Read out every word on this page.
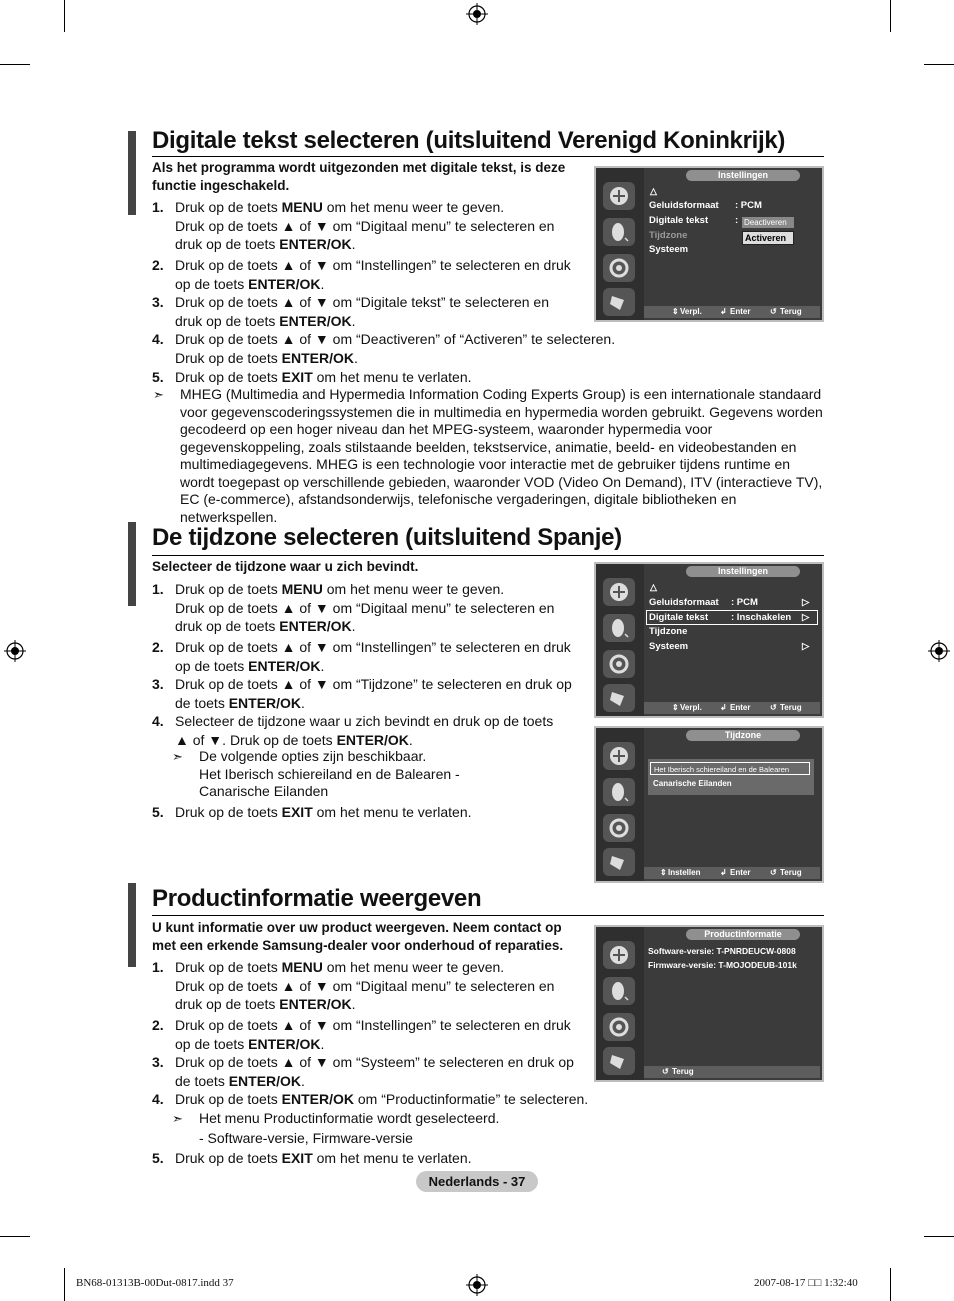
Digitale tekst selecteren (uitsluitend Verenigd Koninkrijk)
Als het programma wordt uitgezonden met digitale tekst, is deze functie ingeschakeld.
1. Druk op de toets MENU om het menu weer te geven.
Druk op de toets ▲ of ▼ om “Digitaal menu” te selecteren en
druk op de toets ENTER/OK.
2. Druk op de toets ▲ of ▼ om “Instellingen” te selecteren en druk
op de toets ENTER/OK.
3. Druk op de toets ▲ of ▼ om “Digitale tekst” te selecteren en
druk op de toets ENTER/OK.
4. Druk op de toets ▲ of ▼ om “Deactiveren” of “Activeren” te selecteren.
Druk op de toets ENTER/OK.
5. Druk op de toets EXIT om het menu te verlaten.
➣ MHEG (Multimedia and Hypermedia Information Coding Experts Group) is een internationale standaard voor gegevenscoderingssystemen die in multimedia en hypermedia worden gebruikt. Gegevens worden gecodeerd op een hoger niveau dan het MPEG-systeem, waaronder hypermedia voor gegevenskoppeling, zoals stilstaande beelden, tekstservice, animatie, beeld- en videobestanden en multimediagegevens. MHEG is een technologie voor interactie met de gebruiker tijdens runtime en wordt toegepast op verschillende gebieden, waaronder VOD (Video On Demand), ITV (interactieve TV), EC (e-commerce), afstandsonderwijs, telefonische vergaderingen, digitale bibliotheken en netwerkspellen.
Instellingen
△
Geluidsformaat : PCM
Digitale tekst	: Deactiveren
Activeren
Tijdzone
Systeem
⇕ Verpl. ↲ Enter ↺ Terug
De tijdzone selecteren (uitsluitend Spanje)
Selecteer de tijdzone waar u zich bevindt.
1. Druk op de toets MENU om het menu weer te geven.
Druk op de toets ▲ of ▼ om “Digitaal menu” te selecteren en
druk op de toets ENTER/OK.
2. Druk op de toets ▲ of ▼ om “Instellingen” te selecteren en druk
op de toets ENTER/OK.
3. Druk op de toets ▲ of ▼ om “Tijdzone” te selecteren en druk op
de toets ENTER/OK.
4. Selecteer de tijdzone waar u zich bevindt en druk op de toets
▲ of ▼. Druk op de toets ENTER/OK.
➣ De volgende opties zijn beschikbaar.
Het Iberisch schiereiland en de Balearen -
Canarische Eilanden
5. Druk op de toets EXIT om het menu te verlaten.
Instellingen
△
Geluidsformaat : PCM	▷
Digitale tekst : Inschakelen ▷
Tijdzone
Systeem	▷
⇕ Verpl. ↲ Enter ↺ Terug
Tijdzone
Het Iberisch schiereiland en de Balearen
Canarische Eilanden
⇕ Instellen ↲ Enter ↺ Terug
Productinformatie weergeven
U kunt informatie over uw product weergeven. Neem contact op met een erkende Samsung-dealer voor onderhoud of reparaties.
1. Druk op de toets MENU om het menu weer te geven.
Druk op de toets ▲ of ▼ om “Digitaal menu” te selecteren en
druk op de toets ENTER/OK.
2. Druk op de toets ▲ of ▼ om “Instellingen” te selecteren en druk
op de toets ENTER/OK.
3. Druk op de toets ▲ of ▼ om “Systeem” te selecteren en druk op
de toets ENTER/OK.
4. Druk op de toets ENTER/OK om “Productinformatie” te selecteren.
➣ Het menu Productinformatie wordt geselecteerd.
- Software-versie, Firmware-versie
5. Druk op de toets EXIT om het menu te verlaten.
Productinformatie
Software-versie: T-PNRDEUCW-0808
Firmware-versie: T-MOJODEUB-101k
↺ Terug
Nederlands - 37
BN68-01313B-00Dut-0817.indd 37	2007-08-17 □□ 1:32:40
